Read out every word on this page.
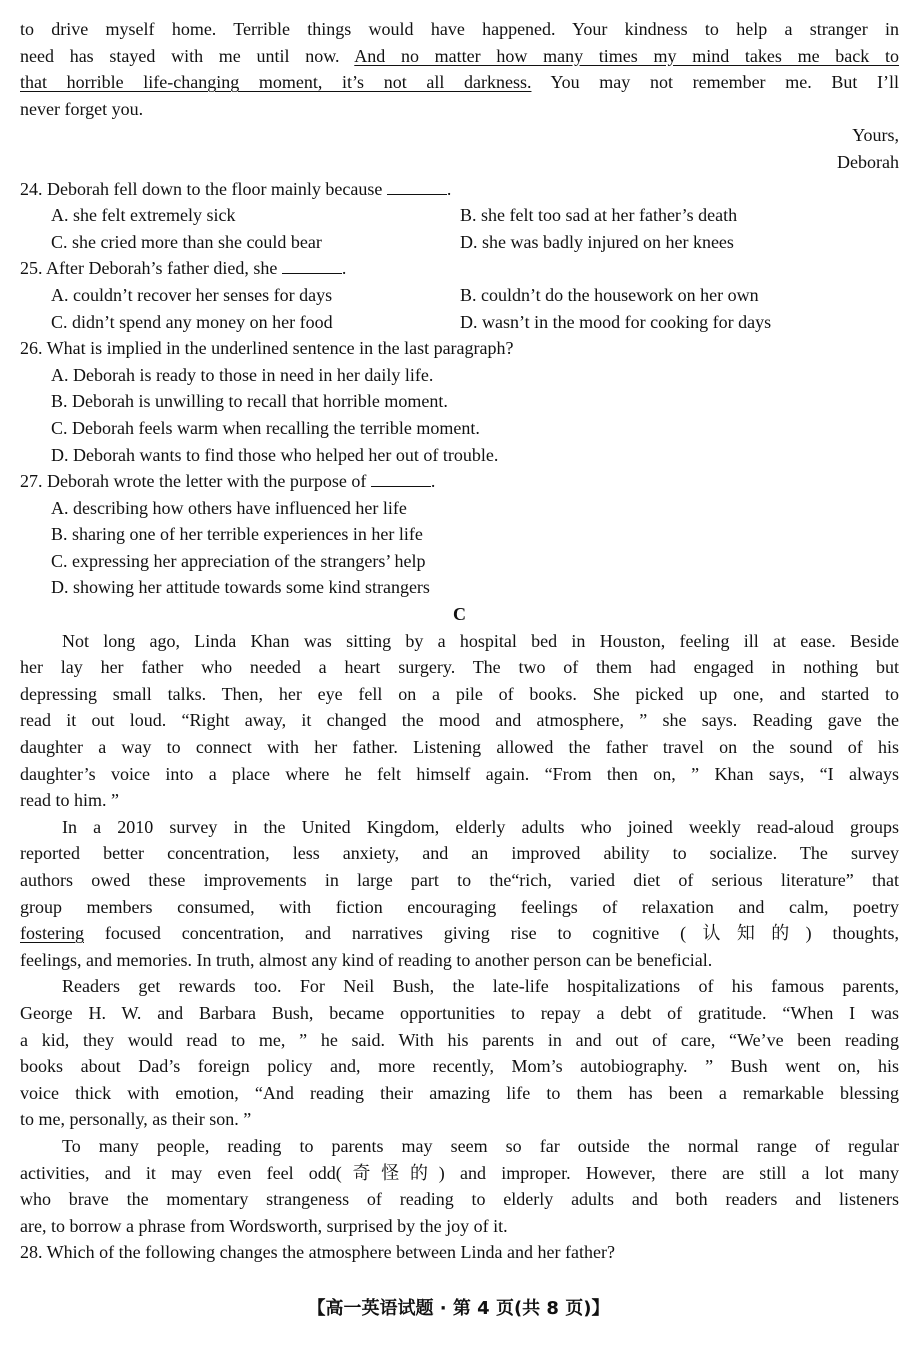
to drive myself home. Terrible things would have happened. Your kindness to help a stranger in
need has stayed with me until now. And no matter how many times my mind takes me back to
that horrible life-changing moment, it’s not all darkness. You may not remember me. But I’ll
never forget you.
Yours,
Deborah
24. Deborah fell down to the floor mainly because	.
A. she felt extremely sick	B. she felt too sad at her father’s death
C. she cried more than she could bear	D. she was badly injured on her knees
25. After Deborah’s father died, she	.
A. couldn’t recover her senses for days	B. couldn’t do the housework on her own
C. didn’t spend any money on her food	D. wasn’t in the mood for cooking for days
26. What is implied in the underlined sentence in the last paragraph?
A. Deborah is ready to those in need in her daily life.
B. Deborah is unwilling to recall that horrible moment.
C. Deborah feels warm when recalling the terrible moment.
D. Deborah wants to find those who helped her out of trouble.
27. Deborah wrote the letter with the purpose of	.
A. describing how others have influenced her life
B. sharing one of her terrible experiences in her life
C. expressing her appreciation of the strangers’ help
D. showing her attitude towards some kind strangers
C
Not long ago, Linda Khan was sitting by a hospital bed in Houston, feeling ill at ease. Beside
her lay her father who needed a heart surgery. The two of them had engaged in nothing but
depressing small talks. Then, her eye fell on a pile of books. She picked up one, and started to
read it out loud. “Right away, it changed the mood and atmosphere, ” she says. Reading gave the
daughter a way to connect with her father. Listening allowed the father travel on the sound of his
daughter’s voice into a place where he felt himself again. “From then on, ” Khan says, “I always
read to him. ”
In a 2010 survey in the United Kingdom, elderly adults who joined weekly read-aloud groups
reported better concentration, less anxiety, and an improved ability to socialize. The survey
authors owed these improvements in large part to the“rich, varied diet of serious literature” that
group members consumed, with fiction encouraging feelings of relaxation and calm, poetry
fostering focused concentration, and narratives giving rise to cognitive (认知的) thoughts,
feelings, and memories. In truth, almost any kind of reading to another person can be beneficial.
Readers get rewards too. For Neil Bush, the late-life hospitalizations of his famous parents,
George H. W. and Barbara Bush, became opportunities to repay a debt of gratitude. “When I was
a kid, they would read to me, ” he said. With his parents in and out of care, “We’ve been reading
books about Dad’s foreign policy and, more recently, Mom’s autobiography. ” Bush went on, his
voice thick with emotion, “And reading their amazing life to them has been a remarkable blessing
to me, personally, as their son. ”
To many people, reading to parents may seem so far outside the normal range of regular
activities, and it may even feel odd(奇怪的) and improper. However, there are still a lot many
who brave the momentary strangeness of reading to elderly adults and both readers and listeners
are, to borrow a phrase from Wordsworth, surprised by the joy of it.
28. Which of the following changes the atmosphere between Linda and her father?
【高一英语试题 · 第 4 页(共 8 页)】
